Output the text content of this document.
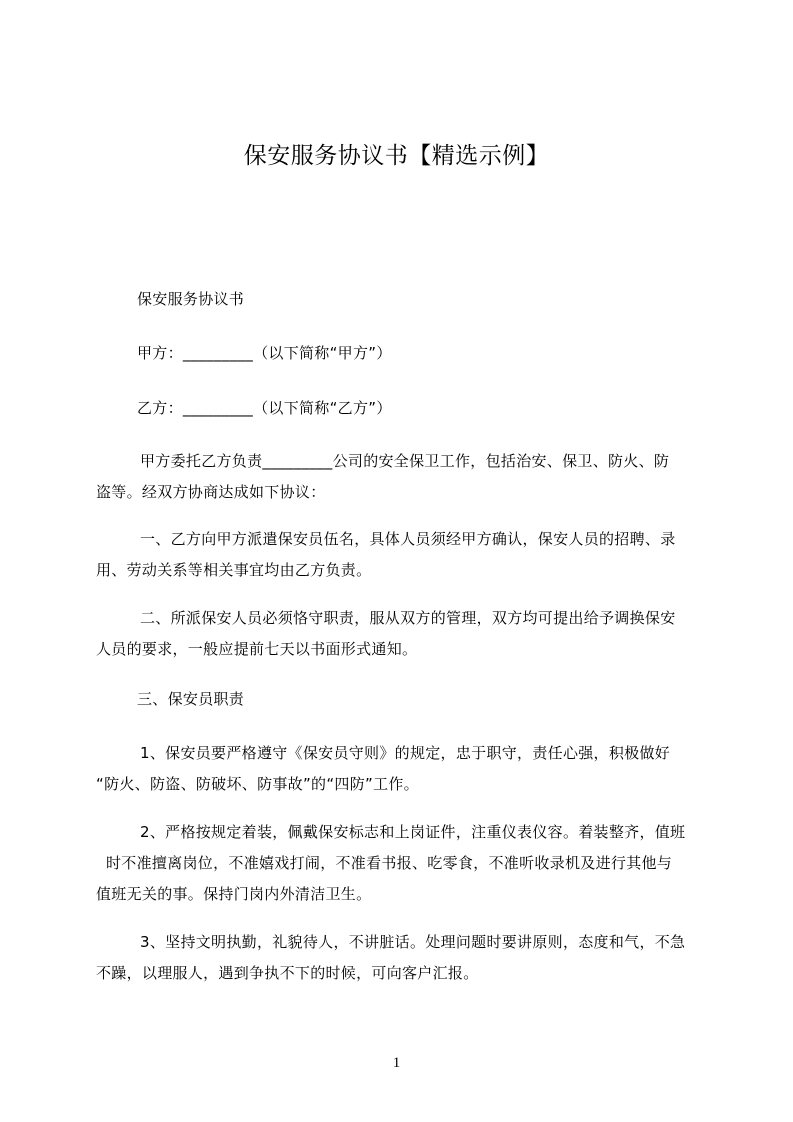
保安服务协议书【精选示例】

保安服务协议书

甲方：_________（以下简称“甲方”）

乙方：_________（以下简称“乙方”）

甲方委托乙方负责_________公司的安全保卫工作，包括治安、保卫、防火、防
盗等。经双方协商达成如下协议：

一、乙方向甲方派遣保安员伍名，具体人员须经甲方确认，保安人员的招聘、录
用、劳动关系等相关事宜均由乙方负责。

二、所派保安人员必须恪守职责，服从双方的管理，双方均可提出给予调换保安
人员的要求，一般应提前七天以书面形式通知。

三、保安员职责

1、保安员要严格遵守《保安员守则》的规定，忠于职守，责任心强，积极做好
“防火、防盗、防破坏、防事故”的“四防”工作。

2、严格按规定着装，佩戴保安标志和上岗证件，注重仪表仪容。着装整齐，值班
时不准擅离岗位，不准嬉戏打闹，不准看书报、吃零食，不准听收录机及进行其他与
值班无关的事。保持门岗内外清洁卫生。

3、坚持文明执勤，礼貌待人，不讲脏话。处理问题时要讲原则，态度和气，不急
不躁，以理服人，遇到争执不下的时候，可向客户汇报。

1
